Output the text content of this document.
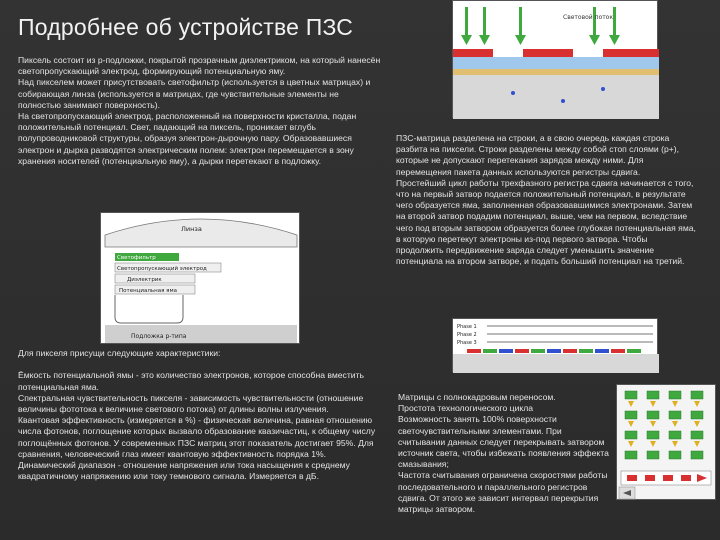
Подробнее об устройстве ПЗС

Пиксель состоит из p-подложки, покрытой прозрачным диэлектриком, на который нанесён светопропускающий электрод, формирующий потенциальную яму.

Над пикселем может присутствовать светофильтр (используется в цветных матрицах) и собирающая линза (используется в матрицах, где чувствительные элементы не полностью занимают поверхность).

На светопропускающий электрод, расположенный на поверхности кристалла, подан положительный потенциал. Свет, падающий на пиксель, проникает вглубь полупроводниковой структуры, образуя электрон-дырочную пару. Образовавшиеся электрон и дырка разводятся электрическим полем: электрон перемещается в зону хранения носителей (потенциальную яму), а дырки перетекают в подложку.

ПЗС-матрица разделена на строки, а в свою очередь каждая строка разбита на пиксели. Строки разделены между собой стоп слоями (p+), которые не допускают перетекания зарядов между ними. Для перемещения пакета данных используются регистры сдвига.

Простейший цикл работы трехфазного регистра сдвига начинается с того, что на первый затвор подается положительный потенциал, в результате чего образуется яма, заполненная образовавшимися электронами. Затем на второй затвор подадим потенциал, выше, чем на первом, вследствие чего под вторым затвором образуется более глубокая потенциальная яма, в которую перетекут электроны из-под первого затвора. Чтобы продолжить передвижение заряда следует уменьшить значение потенциала на втором затворе, и подать больший потенциал на третий.

Для пикселя присущи следующие характеристики:

Ёмкость потенциальной ямы - это количество электронов, которое способна вместить потенциальная яма.

Спектральная чувствительность пикселя - зависимость чувствительности (отношение величины фототока к величине светового потока) от длины волны излучения.

Квантовая эффективность (измеряется в %) - физическая величина, равная отношению числа фотонов, поглощение которых вызвало образование квазичастиц, к общему числу поглощённых фотонов. У современных ПЗС матриц этот показатель достигает 95%. Для сравнения, человеческий глаз имеет квантовую эффективность порядка 1%.

Динамический диапазон - отношение напряжения или тока насыщения к среднему квадратичному напряжению или току темнового сигнала. Измеряется в дБ.

Матрицы с полнокадровым переносом.

Простота технологического цикла

Возможность занять 100% поверхности светочувствительными элементами. При считывании данных следует перекрывать затвором источник света, чтобы избежать появления эффекта смазывания;

Частота считывания ограничена скоростями работы последовательного и параллельного регистров сдвига. От этого же зависит интервал перекрытия матрицы затвором.

Световой поток
Линза
Светофильтр
Светопропускающий электрод
Диэлектрик
Потенциальная яма
Подложка p-типа
Phase 1
Phase 2
Phase 3
